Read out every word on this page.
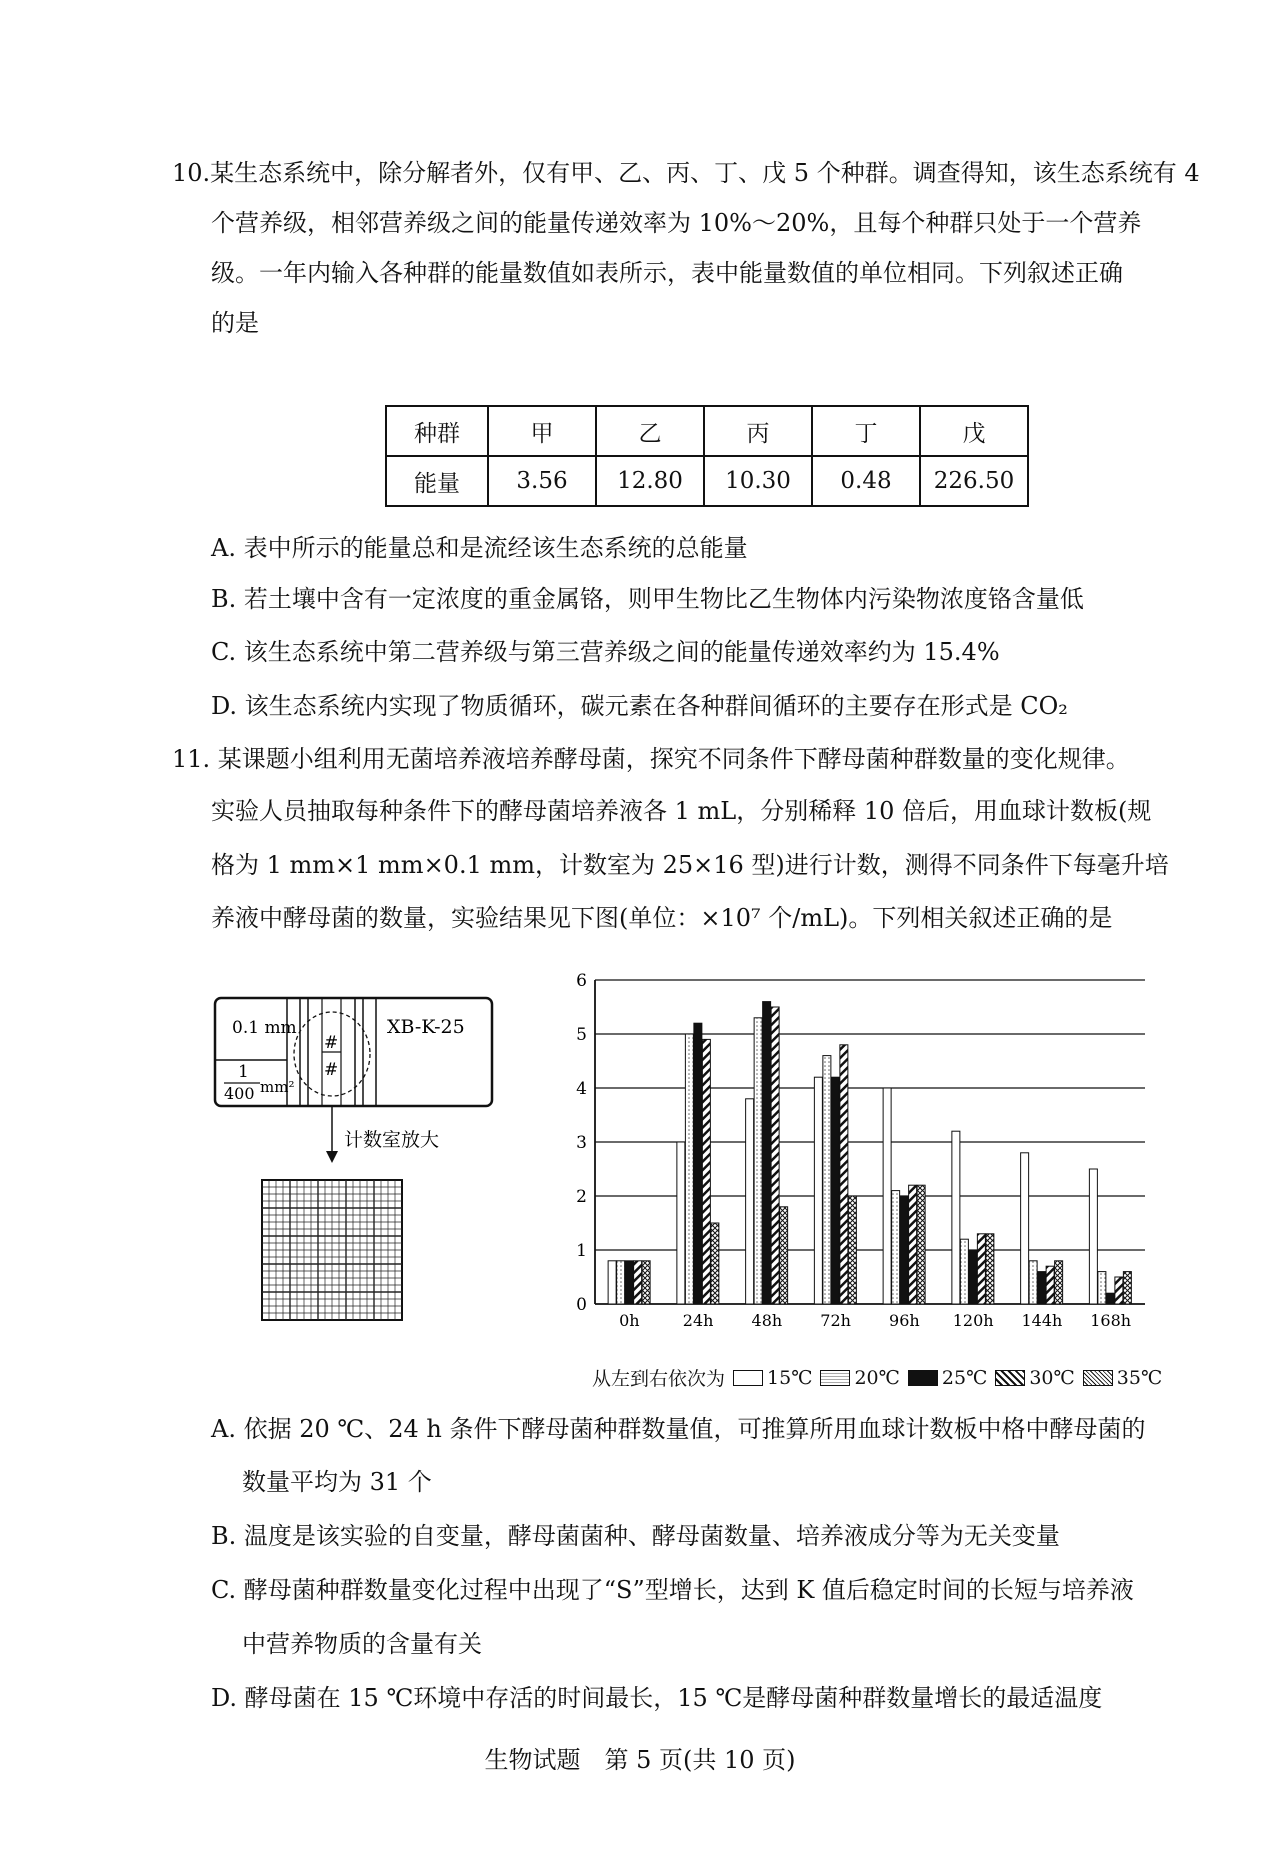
10.某生态系统中，除分解者外，仅有甲、乙、丙、丁、戊 5 个种群。调查得知，该生态系统有 4
个营养级，相邻营养级之间的能量传递效率为 10%～20%，且每个种群只处于一个营养
级。一年内输入各种群的能量数值如表所示，表中能量数值的单位相同。下列叙述正确
的是
种群	甲	乙	丙	丁	戊
能量	3.56	12.80	10.30	0.48	226.50
A. 表中所示的能量总和是流经该生态系统的总能量
B. 若土壤中含有一定浓度的重金属铬，则甲生物比乙生物体内污染物浓度铬含量低
C. 该生态系统中第二营养级与第三营养级之间的能量传递效率约为 15.4%
D. 该生态系统内实现了物质循环，碳元素在各种群间循环的主要存在形式是 CO₂
11. 某课题小组利用无菌培养液培养酵母菌，探究不同条件下酵母菌种群数量的变化规律。
实验人员抽取每种条件下的酵母菌培养液各 1 mL，分别稀释 10 倍后，用血球计数板(规
格为 1 mm×1 mm×0.1 mm，计数室为 25×16 型)进行计数，测得不同条件下每毫升培
养液中酵母菌的数量，实验结果见下图(单位：×10⁷ 个/mL)。下列相关叙述正确的是
#
#
0.1 mm
1
400 mm²
XB-K-25
计数室放大
0
1
2
3
4
5
6
0h	24h 48h 72h 96h 120h 144h 168h
从左到右依次为 15℃ 20℃ 25℃ 30℃ 35℃
A. 依据 20 ℃、24 h 条件下酵母菌种群数量值，可推算所用血球计数板中格中酵母菌的
数量平均为 31 个
B. 温度是该实验的自变量，酵母菌菌种、酵母菌数量、培养液成分等为无关变量
C. 酵母菌种群数量变化过程中出现了“S”型增长，达到 K 值后稳定时间的长短与培养液
中营养物质的含量有关
D. 酵母菌在 15 ℃环境中存活的时间最长，15 ℃是酵母菌种群数量增长的最适温度
生物试题　第 5 页(共 10 页)
